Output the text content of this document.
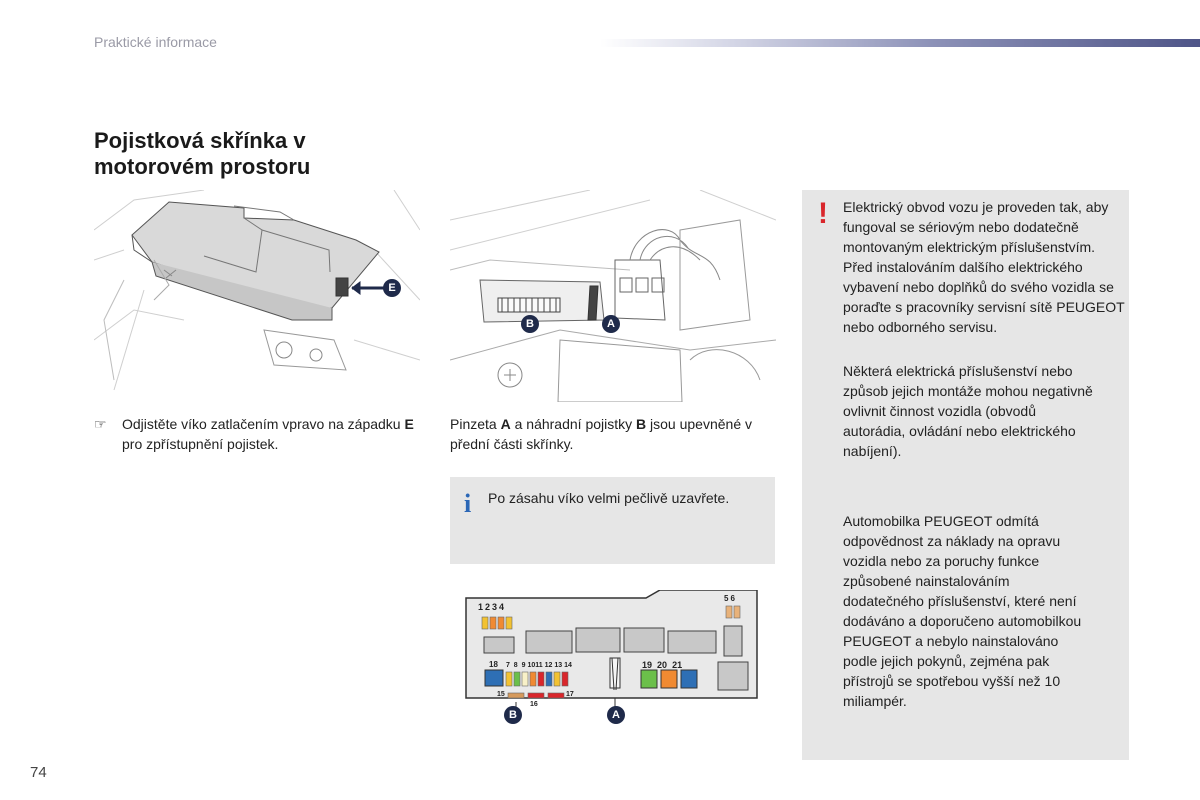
Praktické informace
Pojistková skřínka v motorovém prostoru
E
☞	Odjistěte víko zatlačením vpravo na západku E pro zpřístupnění pojistek.
B	A
Pinzeta A a náhradní pojistky B jsou upevněné v přední části skřínky.
i Po zásahu víko velmi pečlivě uzavřete.
1234
56
18 7 8 9 1011 12 13 14	19 20 21
15
16
17
B	A
! Elektrický obvod vozu je proveden tak, aby fungoval se sériovým nebo dodatečně montovaným elektrickým příslušenstvím. Před instalováním dalšího elektrického vybavení nebo doplňků do svého vozidla se poraďte s pracovníky servisní sítě PEUGEOT nebo odborného servisu.
Některá elektrická příslušenství nebo způsob jejich montáže mohou negativně ovlivnit činnost vozidla (obvodů autorádia, ovládání nebo elektrického nabíjení).
Automobilka PEUGEOT odmítá odpovědnost za náklady na opravu vozidla nebo za poruchy funkce způsobené nainstalováním dodatečného příslušenství, které není dodáváno a doporučeno automobilkou PEUGEOT a nebylo nainstalováno podle jejich pokynů, zejména pak přístrojů se spotřebou vyšší než 10 miliampér.
74
